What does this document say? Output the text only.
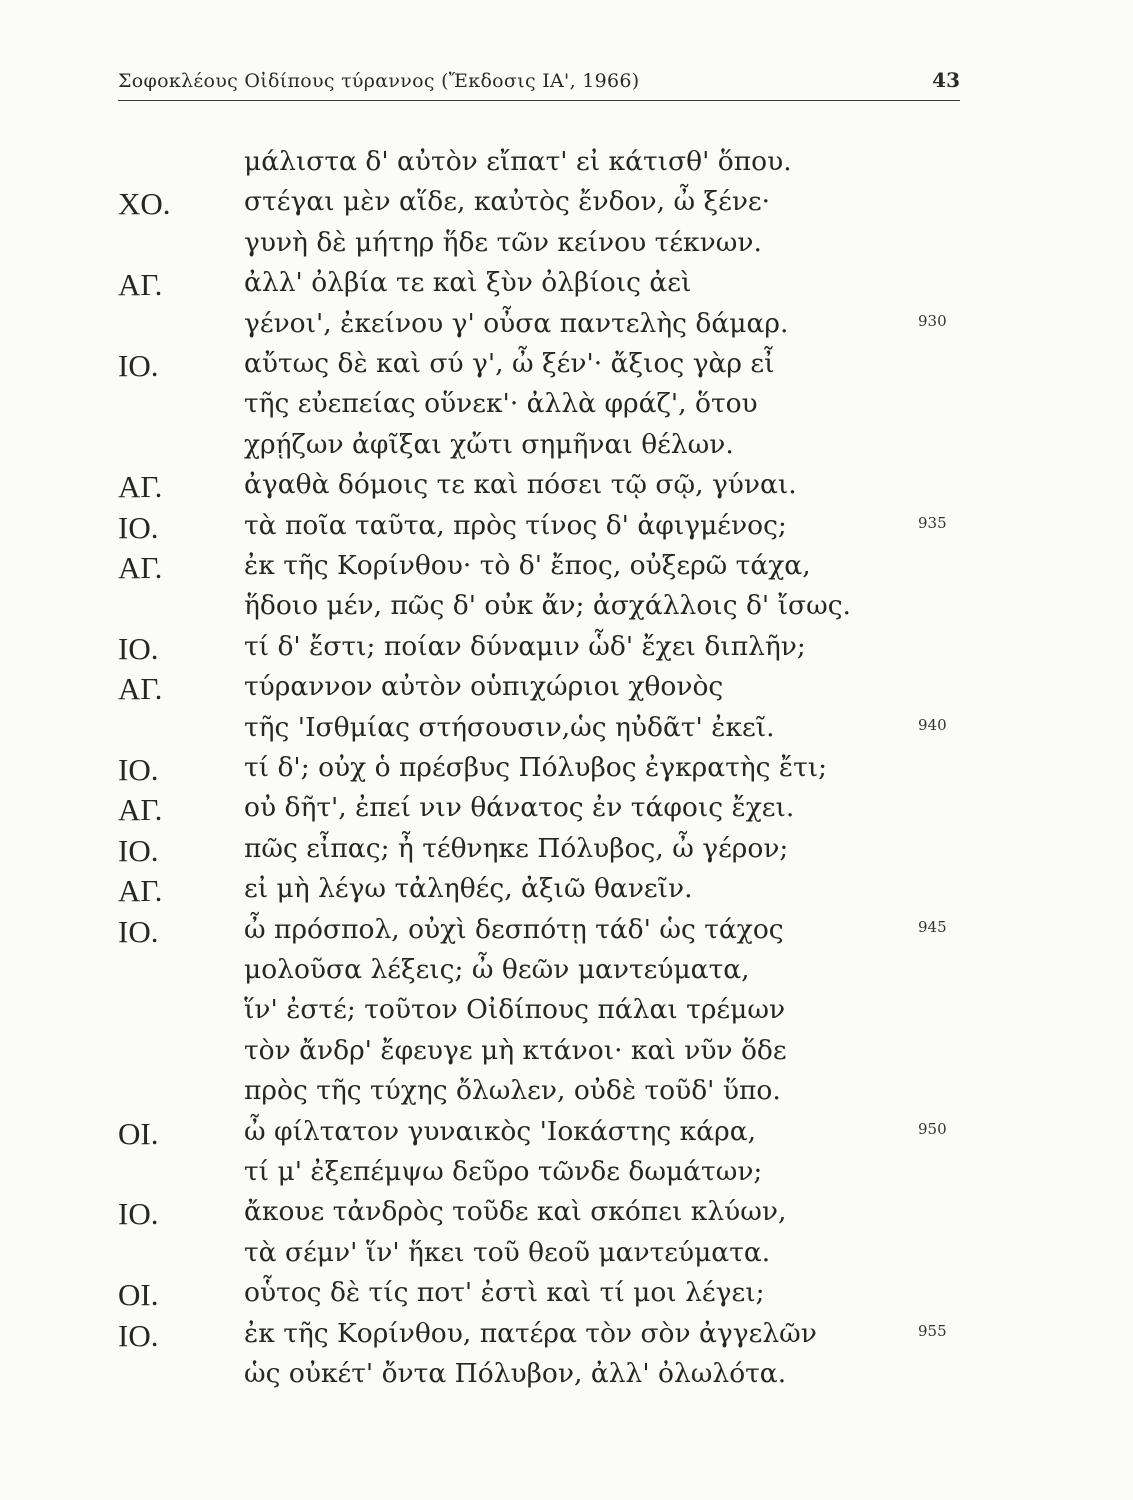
Σοφοκλέους Οἰδίπους τύραννος (Ἔκδοσις ΙΑ', 1966)	43
μάλιστα δ' αὐτὸν εἴπατ' εἰ κάτισθ' ὅπου.
ΧΟ.	στέγαι μὲν αἵδε, καὐτὸς ἔνδον, ὦ ξένε·
γυνὴ δὲ μήτηρ ἥδε τῶν κείνου τέκνων.
ΑΓ.	ἀλλ' ὀλβία τε καὶ ξὺν ὀλβίοις ἀεὶ
γένοι', ἐκείνου γ' οὖσα παντελὴς δάμαρ.	930
ΙΟ.	αὔτως δὲ καὶ σύ γ', ὦ ξέν'· ἄξιος γὰρ εἶ
τῆς εὐεπείας οὕνεκ'· ἀλλὰ φράζ', ὅτου
χρῄζων ἀφῖξαι χὤτι σημῆναι θέλων.
ΑΓ.	ἀγαθὰ δόμοις τε καὶ πόσει τῷ σῷ, γύναι.
ΙΟ.	τὰ ποῖα ταῦτα, πρὸς τίνος δ' ἀφιγμένος;	935
ΑΓ.	ἐκ τῆς Κορίνθου· τὸ δ' ἔπος, οὐξερῶ τάχα,
ἥδοιο μέν, πῶς δ' οὐκ ἄν; ἀσχάλλοις δ' ἴσως.
ΙΟ.	τί δ' ἔστι; ποίαν δύναμιν ὧδ' ἔχει διπλῆν;
ΑΓ.	τύραννον αὐτὸν οὑπιχώριοι χθονὸς
τῆς 'Ισθμίας στήσουσιν,ὡς ηὐδᾶτ' ἐκεῖ.	940
ΙΟ.	τί δ'; οὐχ ὁ πρέσβυς Πόλυβος ἐγκρατὴς ἔτι;
ΑΓ.	οὐ δῆτ', ἐπεί νιν θάνατος ἐν τάφοις ἔχει.
ΙΟ.	πῶς εἶπας; ἦ τέθνηκε Πόλυβος, ὦ γέρον;
ΑΓ.	εἰ μὴ λέγω τἀληθές, ἀξιῶ θανεῖν.
ΙΟ.	ὦ πρόσπολ, οὐχὶ δεσπότῃ τάδ' ὡς τάχος	945
μολοῦσα λέξεις; ὦ θεῶν μαντεύματα,
ἵν' ἐστέ; τοῦτον Οἰδίπους πάλαι τρέμων
τὸν ἄνδρ' ἔφευγε μὴ κτάνοι· καὶ νῦν ὅδε
πρὸς τῆς τύχης ὄλωλεν, οὐδὲ τοῦδ' ὕπο.
ΟΙ.	ὦ φίλτατον γυναικὸς 'Ιοκάστης κάρα,	950
τί μ' ἐξεπέμψω δεῦρο τῶνδε δωμάτων;
ΙΟ.	ἄκουε τἀνδρὸς τοῦδε καὶ σκόπει κλύων,
τὰ σέμν' ἵν' ἥκει τοῦ θεοῦ μαντεύματα.
ΟΙ.	οὗτος δὲ τίς ποτ' ἐστὶ καὶ τί μοι λέγει;
ΙΟ.	ἐκ τῆς Κορίνθου, πατέρα τὸν σὸν ἀγγελῶν	955
ὡς οὐκέτ' ὄντα Πόλυβον, ἀλλ' ὀλωλότα.
